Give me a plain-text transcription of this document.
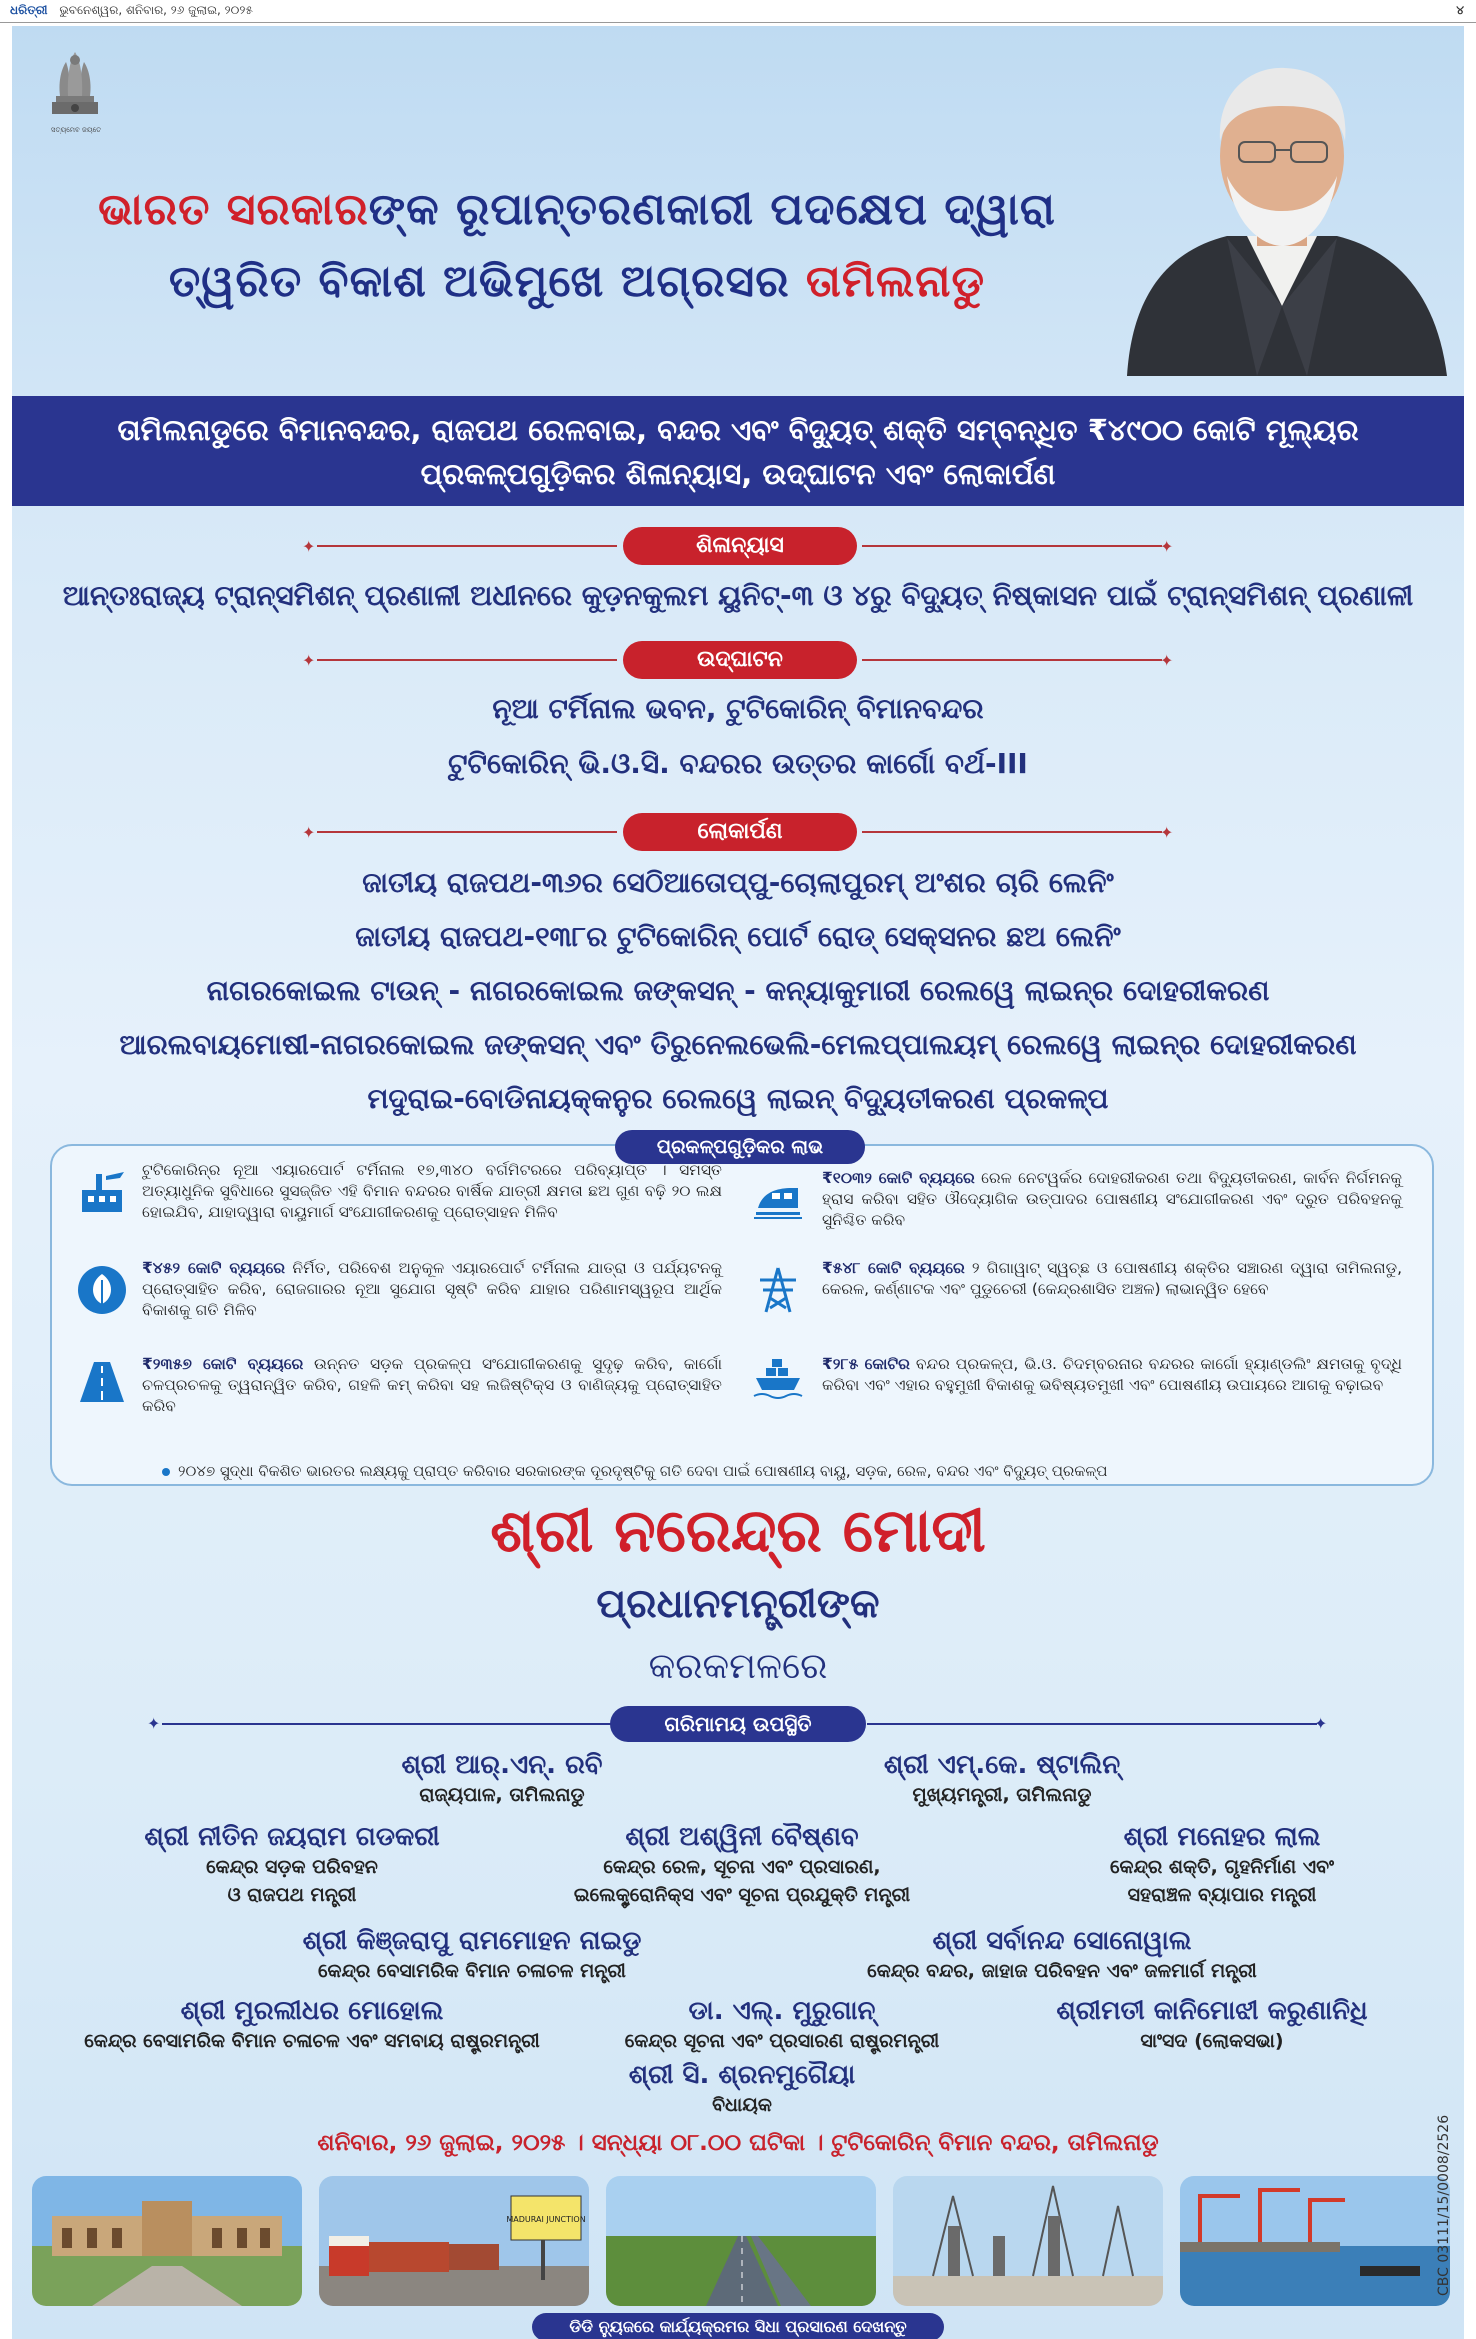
ଧରିତ୍ରୀ ଭୁବନେଶ୍ୱର, ଶନିବାର, ୨୬ ଜୁଲାଇ, ୨୦୨୫	୪
ସତ୍ୟମେବ ଜୟତେ
ଭାରତ ସରକାରଙ୍କ ରୂପାନ୍ତରଣକାରୀ ପଦକ୍ଷେପ ଦ୍ୱାରା
ତ୍ୱରିତ ବିକାଶ ଅଭିମୁଖେ ଅଗ୍ରସର ତାମିଲନାଡୁ
ତାମିଲନାଡୁରେ ବିମାନବନ୍ଦର, ରାଜପଥ ରେଳବାଇ, ବନ୍ଦର ଏବଂ ବିଦ୍ୟୁତ୍ ଶକ୍ତି ସମ୍ବନ୍ଧିତ ₹୪୯୦୦ କୋଟି ମୂଲ୍ୟର
ପ୍ରକଳ୍ପଗୁଡ଼ିକର ଶିଳାନ୍ୟାସ, ଉଦ୍‌ଘାଟନ ଏବଂ ଲୋକାର୍ପଣ
✦	ଶିଳାନ୍ୟାସ	✦
ଆନ୍ତଃରାଜ୍ୟ ଟ୍ରାନ୍ସମିଶନ୍ ପ୍ରଣାଳୀ ଅଧୀନରେ କୁଡ଼ନକୁଲମ ୟୁନିଟ୍-୩ ଓ ୪ରୁ ବିଦ୍ୟୁତ୍ ନିଷ୍କାସନ ପାଇଁ ଟ୍ରାନ୍ସମିଶନ୍ ପ୍ରଣାଳୀ
✦	ଉଦ୍‌ଘାଟନ	✦
ନୂଆ ଟର୍ମିନାଲ ଭବନ, ଟୁଟିକୋରିନ୍ ବିମାନବନ୍ଦର
ଟୁଟିକୋରିନ୍ ଭି.ଓ.ସି. ବନ୍ଦରର ଉତ୍ତର କାର୍ଗୋ ବର୍ଥ-III
✦	ଲୋକାର୍ପଣ	✦
ଜାତୀୟ ରାଜପଥ-୩୬ର ସେଠିଆତୋପ୍ପୁ-ଚୋଲାପୁରମ୍ ଅଂଶର ଚାରି ଲେନିଂ
ଜାତୀୟ ରାଜପଥ-୧୩୮ର ଟୁଟିକୋରିନ୍ ପୋର୍ଟ ରୋଡ୍ ସେକ୍ସନର ଛଅ ଲେନିଂ
ନାଗରକୋଇଲ ଟାଉନ୍ - ନାଗରକୋଇଲ ଜଙ୍କସନ୍ - କନ୍ୟାକୁମାରୀ ରେଲୱେ ଲାଇନ୍‌ର ଦୋହରୀକରଣ
ଆରଲବାୟମୋଷୀ-ନାଗରକୋଇଲ ଜଙ୍କସନ୍ ଏବଂ ତିରୁନେଲଭେଲି-ମେଲପ୍ପାଲୟମ୍ ରେଲୱେ ଲାଇନ୍‌ର ଦୋହରୀକରଣ
ମଦୁରାଇ-ବୋଡିନାୟକ୍କନୁର ରେଲୱେ ଲାଇନ୍ ବିଦ୍ୟୁତୀକରଣ ପ୍ରକଳ୍ପ
ପ୍ରକଳ୍ପଗୁଡ଼ିକର ଲାଭ
ଟୁଟିକୋରିନ୍‌ର ନୂଆ ଏୟାରପୋର୍ଟ ଟର୍ମିନାଲ ୧୭,୩୪୦ ବର୍ଗମିଟରରେ ପରିବ୍ୟାପ୍ତ । ସମସ୍ତ ଅତ୍ୟାଧୁନିକ ସୁବିଧାରେ ସୁସଜ୍ଜିତ ଏହି ବିମାନ ବନ୍ଦରର ବାର୍ଷିକ ଯାତ୍ରୀ କ୍ଷମତା ଛଅ ଗୁଣ ବଢ଼ି ୨୦ ଲକ୍ଷ ହୋଇଯିବ, ଯାହାଦ୍ୱାରା ବାୟୁମାର୍ଗ ସଂଯୋଗୀକରଣକୁ ପ୍ରୋତ୍ସାହନ ମିଳିବ
₹୧୦୩୨ କୋଟି ବ୍ୟୟରେ ରେଳ ନେଟୱର୍କର ଦୋହରୀକରଣ ତଥା ବିଦ୍ୟୁତୀକରଣ, କାର୍ବନ ନିର୍ଗମନକୁ ହ୍ରାସ କରିବା ସହିତ ଔଦ୍ୟୋଗିକ ଉତ୍ପାଦର ପୋଷଣୀୟ ସଂଯୋଗୀକରଣ ଏବଂ ଦ୍ରୁତ ପରିବହନକୁ ସୁନିଶ୍ଚିତ କରିବ
₹୪୫୨ କୋଟି ବ୍ୟୟରେ ନିର୍ମିତ, ପରିବେଶ ଅନୁକୂଳ ଏୟାରପୋର୍ଟ ଟର୍ମିନାଲ ଯାତ୍ରା ଓ ପର୍ଯ୍ୟଟନକୁ ପ୍ରୋତ୍ସାହିତ କରିବ, ରୋଜଗାରର ନୂଆ ସୁଯୋଗ ସୃଷ୍ଟି କରିବ ଯାହାର ପରିଣାମସ୍ୱରୂପ ଆର୍ଥିକ ବିକାଶକୁ ଗତି ମିଳିବ
₹୫୪୮ କୋଟି ବ୍ୟୟରେ ୨ ଗିଗାୱାଟ୍ ସ୍ୱଚ୍ଛ ଓ ପୋଷଣୀୟ ଶକ୍ତିର ସଞ୍ଚାରଣ ଦ୍ୱାରା ତାମିଲନାଡୁ, କେରଳ, କର୍ଣ୍ଣାଟକ ଏବଂ ପୁଡୁଚେରୀ (କେନ୍ଦ୍ରଶାସିତ ଅଞ୍ଚଳ) ଲାଭାନ୍ୱିତ ହେବେ
₹୨୩୫୭ କୋଟି ବ୍ୟୟରେ ଉନ୍ନତ ସଡ଼କ ପ୍ରକଳ୍ପ ସଂଯୋଗୀକରଣକୁ ସୁଦୃଢ଼ କରିବ, କାର୍ଗୋ ଚଳପ୍ରଚଳକୁ ତ୍ୱରାନ୍ୱିତ କରିବ, ଗହଳି କମ୍ କରିବା ସହ ଲଜିଷ୍ଟିକ୍ସ ଓ ବାଣିଜ୍ୟକୁ ପ୍ରୋତ୍ସାହିତ କରିବ
₹୨୮୫ କୋଟିର ବନ୍ଦର ପ୍ରକଳ୍ପ, ଭି.ଓ. ଚିଦମ୍ବରନାର ବନ୍ଦରର କାର୍ଗୋ ହ୍ୟାଣ୍ଡଲିଂ କ୍ଷମତାକୁ ବୃଦ୍ଧି କରିବା ଏବଂ ଏହାର ବହୁମୁଖୀ ବିକାଶକୁ ଭବିଷ୍ୟତମୁଖୀ ଏବଂ ପୋଷଣୀୟ ଉପାୟରେ ଆଗକୁ ବଢ଼ାଇବ
୨୦୪୭ ସୁଦ୍ଧା ବିକଶିତ ଭାରତର ଲକ୍ଷ୍ୟକୁ ପ୍ରାପ୍ତ କରିବାର ସରକାରଙ୍କ ଦୂରଦୃଷ୍ଟିକୁ ଗତି ଦେବା ପାଇଁ ପୋଷଣୀୟ ବାୟୁ, ସଡ଼କ, ରେଳ, ବନ୍ଦର ଏବଂ ବିଦ୍ୟୁତ୍ ପ୍ରକଳ୍ପ
ଶ୍ରୀ ନରେନ୍ଦ୍ର ମୋଦୀ
ପ୍ରଧାନମନ୍ତ୍ରୀଙ୍କ
କରକମଳରେ
✦	ଗରିମାମୟ ଉପସ୍ଥିତି	✦
ଶ୍ରୀ ଆର୍.ଏନ୍. ରବି
ରାଜ୍ୟପାଳ, ତାମିଲନାଡୁ
ଶ୍ରୀ ଏମ୍.କେ. ଷ୍ଟାଲିନ୍
ମୁଖ୍ୟମନ୍ତ୍ରୀ, ତାମିଲନାଡୁ
ଶ୍ରୀ ନୀତିନ ଜୟରାମ ଗଡକରୀ
କେନ୍ଦ୍ର ସଡ଼କ ପରିବହନ
ଓ ରାଜପଥ ମନ୍ତ୍ରୀ
ଶ୍ରୀ ଅଶ୍ୱିନୀ ବୈଷ୍ଣବ
କେନ୍ଦ୍ର ରେଳ, ସୂଚନା ଏବଂ ପ୍ରସାରଣ,
ଇଲେକ୍ଟ୍ରୋନିକ୍ସ ଏବଂ ସୂଚନା ପ୍ରଯୁକ୍ତି ମନ୍ତ୍ରୀ
ଶ୍ରୀ ମନୋହର ଲାଲ
କେନ୍ଦ୍ର ଶକ୍ତି, ଗୃହନିର୍ମାଣ ଏବଂ
ସହରାଞ୍ଚଳ ବ୍ୟାପାର ମନ୍ତ୍ରୀ
ଶ୍ରୀ କିଞ୍ଜରାପୁ ରାମମୋହନ ନାଇଡୁ
କେନ୍ଦ୍ର ବେସାମରିକ ବିମାନ ଚଳାଚଳ ମନ୍ତ୍ରୀ
ଶ୍ରୀ ସର୍ବାନନ୍ଦ ସୋନୋୱାଲ
କେନ୍ଦ୍ର ବନ୍ଦର, ଜାହାଜ ପରିବହନ ଏବଂ ଜଳମାର୍ଗ ମନ୍ତ୍ରୀ
ଶ୍ରୀ ମୁରଲୀଧର ମୋହୋଲ
କେନ୍ଦ୍ର ବେସାମରିକ ବିମାନ ଚଳାଚଳ ଏବଂ ସମବାୟ ରାଷ୍ଟ୍ରମନ୍ତ୍ରୀ
ଡା. ଏଲ୍. ମୁରୁଗାନ୍
କେନ୍ଦ୍ର ସୂଚନା ଏବଂ ପ୍ରସାରଣ ରାଷ୍ଟ୍ରମନ୍ତ୍ରୀ
ଶ୍ରୀମତୀ କାନିମୋଝୀ କରୁଣାନିଧି
ସାଂସଦ (ଲୋକସଭା)
ଶ୍ରୀ ସି. ଶ୍ରନମୁଗୈୟା
ବିଧାୟକ
ଶନିବାର, ୨୬ ଜୁଲାଇ, ୨୦୨୫ । ସନ୍ଧ୍ୟା ୦୮.୦୦ ଘଟିକା । ଟୁଟିକୋରିନ୍ ବିମାନ ବନ୍ଦର, ତାମିଲନାଡୁ
MADURAI JUNCTION
ଡିଡି ନ୍ୟୁଜରେ କାର୍ଯ୍ୟକ୍ରମର ସିଧା ପ୍ରସାରଣ ଦେଖନ୍ତୁ
CBC 03111/15/0008/2526
